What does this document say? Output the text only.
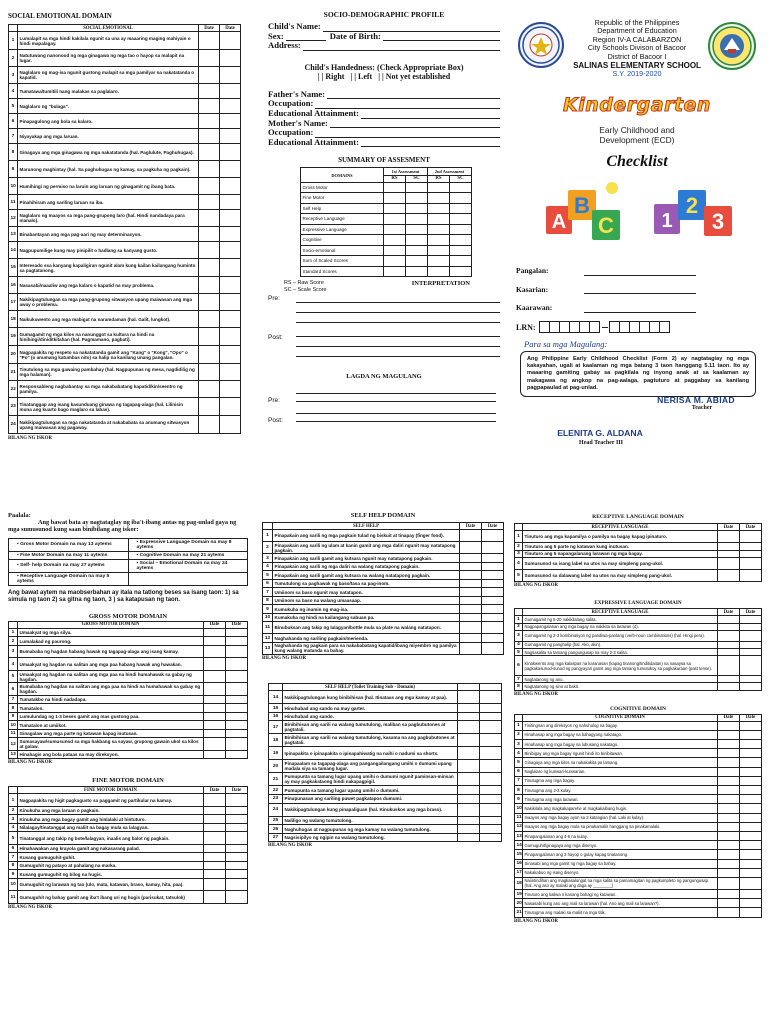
SOCIAL EMOTIONAL DOMAIN
	SOCIAL EMOTIONAL	Date	Date
1	Lumalapit sa mga hindi kakilala ngunit sa una ay maaaring maging mahiyain o hindi mapalagay.		
2	Natutuwang nanonood ng mga ginagawa ng mga tao o hayop sa malapit na lugar.		
3	Naglalaro ng mag-isa ngunit gustong malapit sa mga pamilyar na nakatatanda o kapatid.		
4	Tumatawa/tumitili nang malakas sa paglalaro.		
5	Naglalaro ng "bulaga".		
6	Pinapagulong ang bola sa kalaro.		
7	Niyayakap ang mga laruan.		
8	Ginagaya ang mga ginagawa ng mga nakatatanda (hal. Paglulute, Paghuhugas).		
9	Marunong maghintay (hal. Sa paghuhugas ng kamay, sa pagkuha ng pagkain).		
10	Humihingi ng permiso na laruin ang laruan ng ginagamit ng ibang bata.		
11	Pinahihiram ang sariling laruan sa iba.		
12	Naglalaro ng maayos sa mga pang-grupong laro (hal. Hindi nandadaya para manalo).		
13	Binabantayan ang mga pag-aari ng may determinasyon.		
14	Nagpupumilige kung may pinipilit o hadlang sa kanyang gusto.		
15	Interesado ssa kanyang kapaligiran ngunit alam kung kailan kailangang huminto sa pagtatanong.		
16	Nasasabi/naaaliw ang mga kalaro o kapatid na may problema.		
17	Nakikipagtulungan sa mga pang-grupong sitwasyon upang maiwasan ang mga away o problema.		
18	Naikukuwento ang mga mabigat na naramdaman (hal. Galit, lungkot).		
19	Gumagamit ng mga kilos na nanunggot sa kultura na hindi na hinihingi/diniditkitahan (hal. Pagmamano, pagbati).		
20	Nagpapakita ng respeto sa nakatatanda gamit ang "Kang" o "Kong", "Opo" o "Po" (o anumang katumbas nito) sa halip na kanilang unang pangalan.		
21	Tinutulong sa mga gawaing pambahay (hal. Nagpupunas ng mesa, nagdidilig ng mga halaman).		
22	Responsableng nagbabantay sa mga nakababatang kapatid/kin/seentro ng pamilya.		
23	Tinatanggap ang isang kasunduang ginawa ng tagapag-alaga (hal. Lilinisin muna ang kuarto bago maglaro sa labas).		
24	Nakikipagtulungan sa mga nakatatanda at nakababata sa anumang sitwasyon upang maiwasan ang pagaway.		
BILANG NG ISKOR
SOCIO-DEMOGRAPHIC PROFILE
Child's Name:
Sex:	Date of Birth:
Address:
Child's Handedness: (Check Appropriate Box)
| | Right   | | Left   | | Not yet established
Father's Name:
Occupation:
Educational Attainment:
Mother's Name:
Occupation:
Educational Attainment:
SUMMARY OF ASSESMENT
DOMAINS	1st Assessment		2nd Assessment	
	RS	SC	RS	SC
Gross Motor				
Fine Motor				
Self Help				
Receptive Language				
Expressive Language				
Cognitive				
Socio-emotional				
Sum of Scaled Scores				
Standard Scores				
RS – Raw Score
SC – Scale Score
INTERPRETATION
Pre:
Post:
LAGDA NG MAGULANG
Pre:
Post:
Republic of the Philippines
Department of Education
Region IV-A CALABARZON
City Schools Divison of Bacoor
District of Bacoor I
SALINAS ELEMENTARY SCHOOL
S.Y. 2019-2020
Kindergarten
Early Childhood and
Development (ECD)
Checklist
A
B
C 1
2
3
Pangalan:
Kasarian:
Kaarawan:
LRN:
Para sa mga Magulang:
Ang Philippine Early Childhood Checklist (Form 2) ay nagtatagiay ng mga kakayahan, ugali at kaalaman ng mga batang 3 taon hanggang 5.11 taon. Ito ay maaaring gamiting gabay sa pagkilala ng inyong anak at sa kaalaman ay makagawa ng angkop na pag-aalaga, pagtuturo at paggabay sa kanilang pagpapaulad at pag-unlad.
NERISA M. ABIAD
Teacher
ELENITA G. ALDANA
Head Teacher III
Paalala:
Ang bawat bata ay nagtataglay ng iba't-ibang antas ng pag-unlad gaya ng mga sumusunod kung saan binibilang ang iskor:
▪ Gross Motor Domain na may 13 aytems	▪ Expressive Language Domain na may 8 aytems
▪ Fine Motor Domain na may 11 aytems	▪ Cognitive Domain na may 21 aytems
▪ Self- help Domain na may 27 aytems	▪ Social – Emotional Domain na may 24 aytems
▪ Receptive Language Domain na may 5 aytems	
Ang bawat aytem na maobserbahan ay itala na tatlong beses sa isang taon: 1) sa simula ng taon 2) sa gitna ng taon, 3 ) sa katapusan ng taon.
GROSS MOTOR DOMAIN
	GROSS MOTOR DOMAIN	Date	Date
1	Umaakyat ng mga silya.		
2	Lumalakad ng paurong.		
3	Bumababa ng hagdan habang hawak ng tagapag-alaga ang isang kamay.		
4	Umaakyat ng hagdan na salitan ang mga paa habang hawak ang hawakan.		
5	Umaakyat ng hagdan na salitan ang mga paa na hindi humahawak sa gabay ng hagdan.		
6	Bumababa ng hagdan na salitan ang mga paa na hindi na humahawak sa gabay ng hagdan.		
7	Tumatakbo na hindi nadadapa.		
8	Tumatalon.		
9	Lumulundag ng 1-3 beses gamit ang mas gustong paa.		
10	Tumatalon at umiikot.		
11	Ginagalaw ang mga parte ng katawan kapag inutusan.		
12	Sumasayaw/sumusunod sa mga hakbang sa sayaw, grupong gawain ukol sa kilos at galaw.		
13	Hinahagis ang bola pataas na may direksyon.		
BILANG NG ISKOR
FINE MOTOR DOMAIN
	FINE MOTOR DOMAIN	Date	Date
1	Nagpapakita ng higit pagkagusto sa paggamit ng partikular na kamay.		
2	Kinukuha ang mga laruan o pagkain.		
3	Kinukuha ang mga bagay gamit ang hinlalaki at hintuturo.		
4	Nilalagay/tinatanggal ang maliit na bagay mula sa lalagyan.		
5	Tinatanggal ang takip ng bote/lalagyan, inaalis ang balot ng pagkain.		
6	Hinahawakan ang krayola gamit ang nakasarang palad.		
7	Kusang gumuguhit-guhit.		
8	Gumuguhit ng patayo at pahalang na marka.		
9	Kusang gumuguhit ng bilog na hugis.		
10	Gumuguhit ng larawan ng tao (ulo, mata, katawan, braso, kamay, hita, paa).		
11	Gumuguhit ng bahay gamit ang iba't ibang uri ng hugis (parisukat, tatsulok)		
BILANG NG ISKOR
SELF HELP DOMAIN
	SELF HELP	Date	Date
1	Pinapakain ang sarili ng mga pagkain tulad ng biskuit at tinapay (finger food).		
2	Pinapakain ang sarili ng ulam at kanin gamit ang mga daliri ngunit may natatapong pagkain.		
3	Pinapakain ang sarili gamit ang kutsara ngunit may natatapong pagkain.		
4	Pinapakain ang sarili ng mga daliri na walang natatapong pagkain.		
5	Pinapakain ang sarili gamit ang kutsara na walang natatapong pagkain.		
6	Tumutulong sa paghawak ng baso/tasa sa pag-inom.		
7	Umiinom sa baso ngunit may natatapon.		
8	Umiinom sa baso na walang umaasaap.		
9	Kumukuha ng inumin ng mag-isa.		
10	Kumakuha ng hindi na kailangang sabuan pa.		
11	Binubuksan ang takip ng lalagyan/bottle mula sa plate na walang natatapon.		
12	Naghahanda ng sariling pagkain/merienda.		
13	Naghahanda ng pagkain para sa nakababatang kapatid/ibang miyembro ng pamilya kung walang matanda sa bahay.		
BILANG NG ISKOR
	SELF HELP (Toilet Training Sub - Domain)		
14	Nakikipagtulungan kung binibihisan (hal. Itinataas ang mga kamay at paa).		
15	Hinuhubad ang sando na may garter.		
16	Hinuhubad ang sando.		
17	Binibihisan ang sarili na walang tumutulong, maliban sa pagbubutones at pagtatali.		
18	Binibihisan ang sarili na walang tumutulong, kasama na ang pagbubutones at pagtatali.		
19	Ipinapakita o ipinapakita o ipinapahiwatig na naihi o nadumi sa shorts.		
20	Pinapaalam sa tagapag-alaga ang pangangailangang umihi o dumumi upang madala siya sa tamang lugar.		
21	Pumupunta sa tamang lugar upang umihi o dumumi ngunit paminsan-minsan ay may pagkakataong hindi nakapagpigil.		
22	Pumupunta sa tamang lugar upang umihi o dumumi.		
23	Pinupunasan ang sariling puwet pagkatapos dumumi.		
24	Nakikipagtulungan kung pinapaliguan (hal. Kinukuskos ang mga braso).		
25	Naliligo ng walang tumutulong.		
26	Naghuhugas at nagpupunas ng mga kamay na walang tumutulong.		
27	Nagsisipilyo ng ngipin na walang tumutulong.		
BILANG NG ISKOR
RECEPTIVE LANGUAGE DOMAIN
	RECEPTIVE LANGUAGE	Date	Date
1	Tinuturo ang mga kapamilya o pamilya na bagay kapag ipinaturo.		
2	Tinuturo ang 5 parte ng katawan kung inutusan.		
3	Tinuturo ang 5 napangalanang larawan ng mga bagay.		
4	Sumusunod sa isang label na utos na may simpleng pang-ukol.		
5	Sumusunod sa dalawang label na utos na may simpleng pang-ukol.		
BILANG NG ISKOR
EXPRESSIVE LANGUAGE DOMAIN
	RECEPTIVE LANGUAGE	Date	Date
1	Gumagamit ng 5-20 nakikilalang salita.		
2	Nagpapangalanan ang mga bagay na nakikita sa larawan (4).		
3	Gumagamit ng 2-3 kombinasyon ng pandiwa-pantang (verb-noun combinations) (hal. Hingi pera).		
4	Gumagamit ng panghalip (hal. Ako, akin).		
5	Nagsasalita sa tamang pangungusap na may 2-3 salita.		
6	Kinakwento ang mga kalaspas na karanasan (kapag tinanong/tinditidaitan) na nasaysa sa pagkakasunod-sunod ng pangyayari gamit ang mga tamang tumutukoy sa pagkakaraan (past tense).		
7	Nagtatanong ng ano.		
8	Nagtatanong ng sino at bakit.		
BILANG NG ISKOR
COGNITIVE DOMAIN
	COGNITIVE DOMAIN	Date	Date
1	Tinitingnan ang direksyon ng nahuhulog na bagay.		
2	Hinahanap ang mga bagay na bahagyang nakatago.		
3	Hinahanap ang mga bagay na lubusang nakatago.		
4	Binibigay ang mga bagay ngunit hindi ito binibitawan.		
5	Ginagaya ang mga kilos na nakakakita pa lamang.		
6	Naglalaro ng kunwari-kunwarian.		
7	Tinutugma ang mga bagay.		
8	Tinutugma ang 2-3 kulay.		
9	Tinutugma ang mga larawan.		
10	Nakikilala ang magkakaparehe at magkakaibang hugis.		
11	Inaayos ang mga bagay ayon sa 2 katangian (hal. Laki at kulay).		
12	Inaayos ang mga bagay mula sa pinakamaliit hanggang sa pinakamalaki.		
13	Pinapangalanan ang 4-6 na kulay.		
14	Gumuguhit/ginagaya ang mga disenyo.		
15	Pinapangalanan ang 3 hayop o gulay kapag tinatanong.		
16	Sinasabi ang mga gamit ng mga bagay sa bahay.		
17	Nakakabuo ng isang disenyo.		
18	Naiintindihan ang magkasalungat na mga salita sa pamamagitan ng pagkumpleto ng pangungusap. (hal. Ang aso ay malaki ang daga ay ________)		
19	Tinuturo ang kaliwa o kanang bahagi ng katawan.		
20	Nasasabi kung ano ang mali sa larawan (hal. Ano ang mali sa larawan?).		
21	Tinutugma ang malaki sa maliit na mga titik.		
BILANG NG ISKOR
